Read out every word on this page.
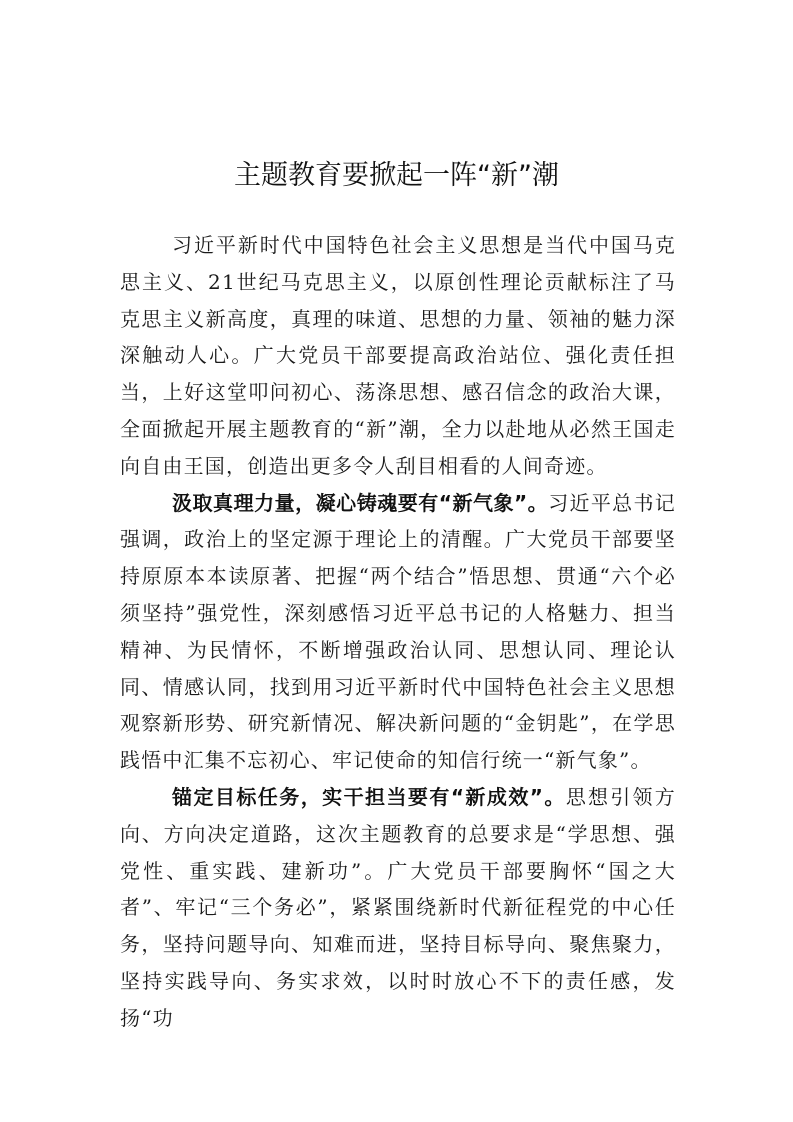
主题教育要掀起一阵“新”潮

习近平新时代中国特色社会主义思想是当代中国马克思主义、21世纪马克思主义，以原创性理论贡献标注了马克思主义新高度，真理的味道、思想的力量、领袖的魅力深深触动人心。广大党员干部要提高政治站位、强化责任担当，上好这堂叩问初心、荡涤思想、感召信念的政治大课，全面掀起开展主题教育的“新”潮，全力以赴地从必然王国走向自由王国，创造出更多令人刮目相看的人间奇迹。

汲取真理力量，凝心铸魂要有“新气象”。习近平总书记强调，政治上的坚定源于理论上的清醒。广大党员干部要坚持原原本本读原著、把握“两个结合”悟思想、贯通“六个必须坚持”强党性，深刻感悟习近平总书记的人格魅力、担当精神、为民情怀，不断增强政治认同、思想认同、理论认同、情感认同，找到用习近平新时代中国特色社会主义思想观察新形势、研究新情况、解决新问题的“金钥匙”，在学思践悟中汇集不忘初心、牢记使命的知信行统一“新气象”。

锚定目标任务，实干担当要有“新成效”。思想引领方向、方向决定道路，这次主题教育的总要求是“学思想、强党性、重实践、建新功”。广大党员干部要胸怀“国之大者”、牢记“三个务必”，紧紧围绕新时代新征程党的中心任务，坚持问题导向、知难而进，坚持目标导向、聚焦聚力，坚持实践导向、务实求效，以时时放心不下的责任感，发扬“功
